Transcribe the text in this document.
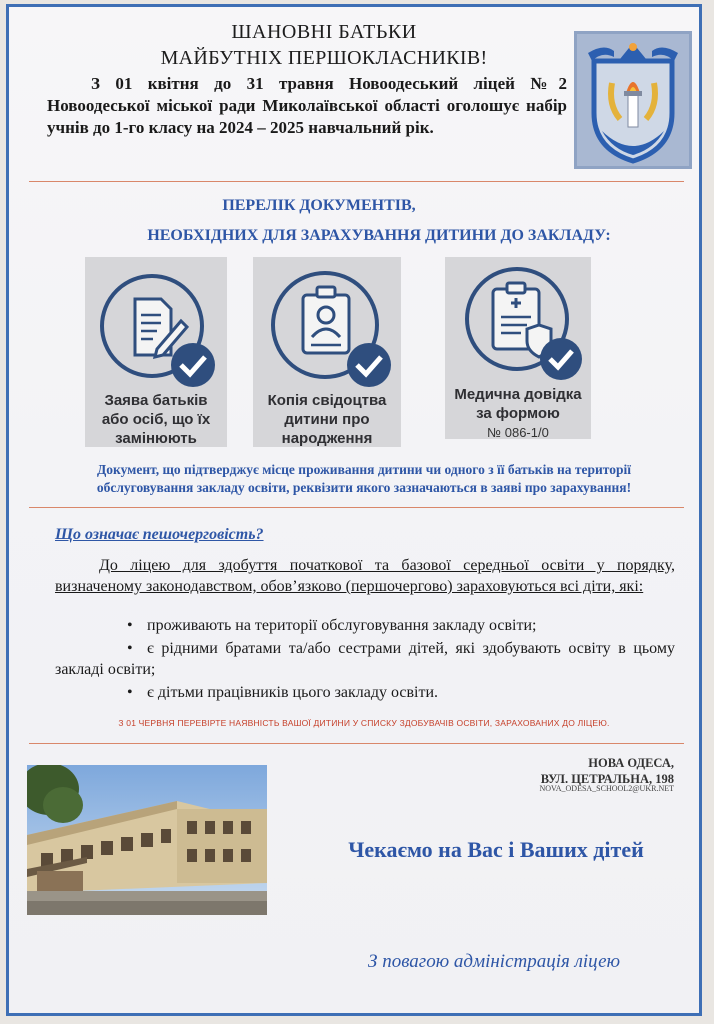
ШАНОВНІ БАТЬКИ
МАЙБУТНІХ ПЕРШОКЛАСНИКІВ!
З 01 квітня до 31 травня Новоодеський ліцей №2 Новоодеської міської ради Миколаївської області оголошує набір учнів до 1-го класу на 2024 – 2025 навчальний рік.
ПЕРЕЛІК ДОКУМЕНТІВ,
НЕОБХІДНИХ ДЛЯ ЗАРАХУВАННЯ ДИТИНИ ДО ЗАКЛАДУ:
Заява батьків
або осіб, що їх
замінюють
Копія свідоцтва
дитини про
народження
Медична довідка
за формою
№ 086-1/0
Документ, що підтверджує місце проживання дитини чи одного з її батьків на території обслуговування закладу освіти, реквізити якого зазначаються в заяві про зарахування!
Що означає пешочерговість?
До ліцею для здобуття початкової та базової середньої освіти у порядку, визначеному законодавством, обов’язково (першочергово) зараховуються всі діти, які:
• проживають на території обслуговування закладу освіти;
• є рідними братами та/або сестрами дітей, які здобувають освіту в цьому закладі освіти;
• є дітьми працівників цього закладу освіти.
З 01 ЧЕРВНЯ ПЕРЕВІРТЕ НАЯВНІСТЬ ВАШОЇ ДИТИНИ У СПИСКУ ЗДОБУВАЧІВ ОСВІТИ, ЗАРАХОВАНИХ ДО ЛІЦЕЮ.
НОВА ОДЕСА,
ВУЛ. ЦЕТРАЛЬНА, 198
NOVA_ODESA_SCHOOL2@UKR.NET
Чекаємо на Вас і Ваших дітей
З повагою адміністрація ліцею
